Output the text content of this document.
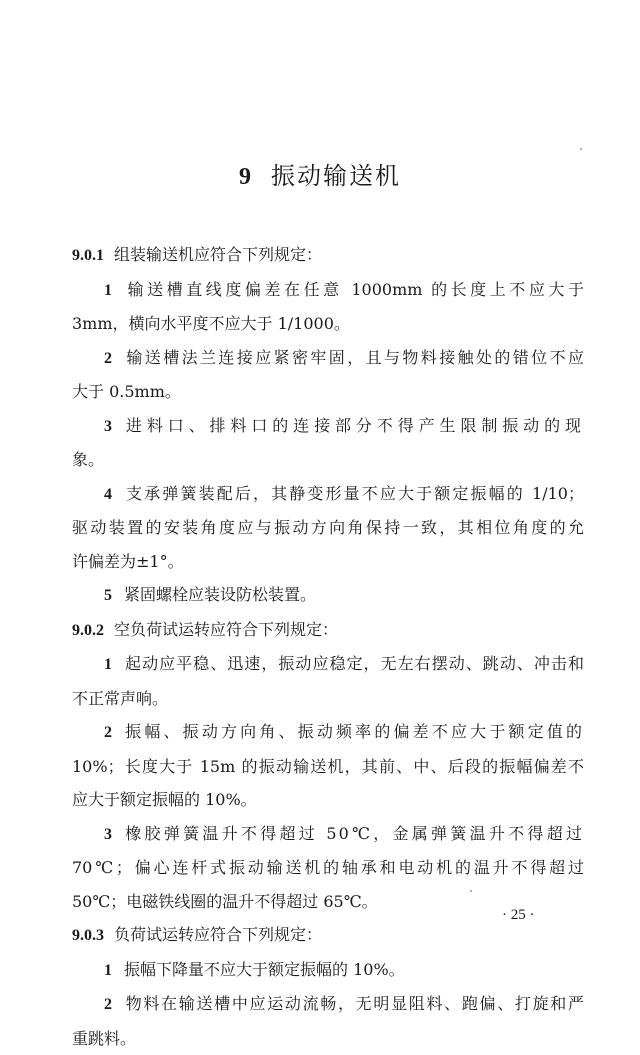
9 振动输送机
9.0.1 组装输送机应符合下列规定：
1 输送槽直线度偏差在任意 1000mm 的长度上不应大于
3mm，横向水平度不应大于 1/1000。
2 输送槽法兰连接应紧密牢固，且与物料接触处的错位不应
大于 0.5mm。
3 进料口、排料口的连接部分不得产生限制振动的现
象。
4 支承弹簧装配后，其静变形量不应大于额定振幅的 1/10；
驱动装置的安装角度应与振动方向角保持一致，其相位角度的允
许偏差为±1°。
5 紧固螺栓应装设防松装置。
9.0.2 空负荷试运转应符合下列规定：
1 起动应平稳、迅速，振动应稳定，无左右摆动、跳动、冲击和
不正常声响。
2 振幅、振动方向角、振动频率的偏差不应大于额定值的
10%；长度大于 15m 的振动输送机，其前、中、后段的振幅偏差不
应大于额定振幅的 10%。
3 橡胶弹簧温升不得超过 50℃，金属弹簧温升不得超过
70℃；偏心连杆式振动输送机的轴承和电动机的温升不得超过
50℃；电磁铁线圈的温升不得超过 65℃。
9.0.3 负荷试运转应符合下列规定：
1 振幅下降量不应大于额定振幅的 10%。
2 物料在输送槽中应运动流畅，无明显阻料、跑偏、打旋和严
重跳料。
· 25 ·
